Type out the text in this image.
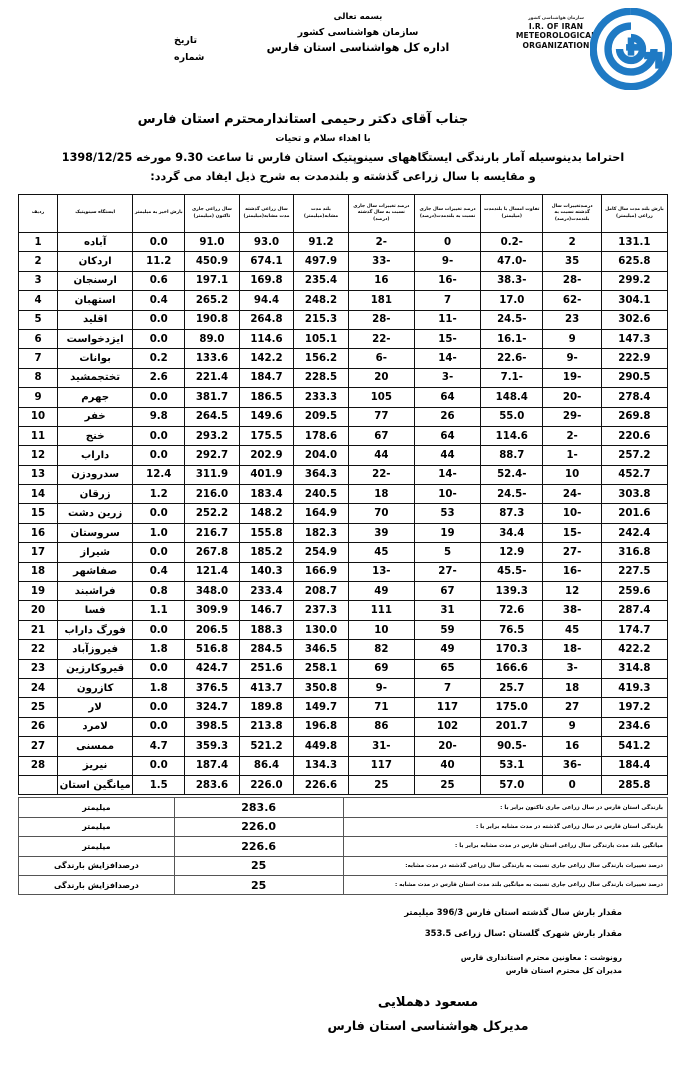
سازمان هواشناسی کشور
I.R. OF IRAN
METEOROLOGICAL
ORGANIZATION
بسمه تعالی
سازمان هواشناسی کشور
اداره کل هواشناسی استان فارس
تاریخ
شماره
جناب آقای دکتر رحیمی استاندارمحترم استان فارس
با اهداء سلام و تحیات
احتراما بدینوسیله آمار بارندگی ایستگاههای سینوپتیک استان فارس تا ساعت 9.30 مورخه 1398/12/25
و مقایسه با سال زراعی گذشته و بلندمدت به شرح ذیل ایفاد می گردد:
بارش بلند مدت سال کامل زراعی (میلیمتر)	درصدتغییرات سال گذشته نسبت به بلندمدت(درصد)	تفاوت امسال با بلندمدت (میلیمتر)	درصد تغییرات سال جاری نسبت به بلندمدت(درصد)	درصد تغییرات سال جاری نسبت به سال گذشته (درصد)	بلند مدت مشابه(میلیمتر)	سال زراعی گذشته مدت مشابه(میلیمتر)	سال زراعی جاری تاکنون (میلیمتر)	بارش اخیر به میلیمتر	ایستگاه سینوپتیک	ردیف
131.1	2	-0.2	0	-2	91.2	93.0	91.0	0.0	آباده	1
625.8	35	-47.0	-9	-33	497.9	674.1	450.9	11.2	اردکان	2
299.2	-28	-38.3	-16	16	235.4	169.8	197.1	0.6	ارسنجان	3
304.1	-62	17.0	7	181	248.2	94.4	265.2	0.4	استهبان	4
302.6	23	-24.5	-11	-28	215.3	264.8	190.8	0.0	اقلید	5
147.3	9	-16.1	-15	-22	105.1	114.6	89.0	0.0	ایزدخواست	6
222.9	-9	-22.6	-14	-6	156.2	142.2	133.6	0.2	بوانات	7
290.5	-19	-7.1	-3	20	228.5	184.7	221.4	2.6	تختجمشید	8
278.4	-20	148.4	64	105	233.3	186.5	381.7	0.0	جهرم	9
269.8	-29	55.0	26	77	209.5	149.6	264.5	9.8	خفر	10
220.6	-2	114.6	64	67	178.6	175.5	293.2	0.0	خنج	11
257.2	-1	88.7	44	44	204.0	202.9	292.7	0.0	داراب	12
452.7	10	-52.4	-14	-22	364.3	401.9	311.9	12.4	سدرودزن	13
303.8	-24	-24.5	-10	18	240.5	183.4	216.0	1.2	زرقان	14
201.6	-10	87.3	53	70	164.9	148.2	252.2	0.0	زرین دشت	15
242.4	-15	34.4	19	39	182.3	155.8	216.7	1.0	سروستان	16
316.8	-27	12.9	5	45	254.9	185.2	267.8	0.0	شیراز	17
227.5	-16	-45.5	-27	-13	166.9	140.3	121.4	0.4	صفاشهر	18
259.6	12	139.3	67	49	208.7	233.4	348.0	0.8	فراشبند	19
287.4	-38	72.6	31	111	237.3	146.7	309.9	1.1	فسا	20
174.7	45	76.5	59	10	130.0	188.3	206.5	0.0	فورگ داراب	21
422.2	-18	170.3	49	82	346.5	284.5	516.8	1.8	فیروزآباد	22
314.8	-3	166.6	65	69	258.1	251.6	424.7	0.0	قیروکارزین	23
419.3	18	25.7	7	-9	350.8	413.7	376.5	1.8	کازرون	24
197.2	27	175.0	117	71	149.7	189.8	324.7	0.0	لار	25
234.6	9	201.7	102	86	196.8	213.8	398.5	0.0	لامرد	26
541.2	16	-90.5	-20	-31	449.8	521.2	359.3	4.7	ممسنی	27
184.4	-36	53.1	40	117	134.3	86.4	187.4	0.0	نیریز	28
285.8	0	57.0	25	25	226.6	226.0	283.6	1.5	میانگین استان	
بارندگی استان فارس در سال زراعی جاری تاکنون برابر با :	283.6	میلیمتر
بارندگی استان فارس در سال زراعی گذشته در مدت مشابه برابر با :	226.0	میلیمتر
میانگین بلند مدت بارندگی سال زراعی استان فارس در مدت مشابه برابر با :	226.6	میلیمتر
درصد تغییرات بارندگی سال زراعی جاری نسبت به بارندگی سال زراعی گذشته در مدت مشابه:	25	درصدافزایش بارندگی
درصد تغییرات بارندگی سال زراعی جاری نسبت به میانگین بلند مدت استان فارس در مدت مشابه :	25	درصدافزایش بارندگی
مقدار بارش سال گذشته استان فارس 396/3 میلیمتر
مقدار بارش شهرک گلستان :سال زراعی 353.5
رونوشت : معاونین محترم استانداری فارس
مدیران کل محترم استان فارس
مسعود دهملایی
مدیرکل هواشناسی استان فارس
